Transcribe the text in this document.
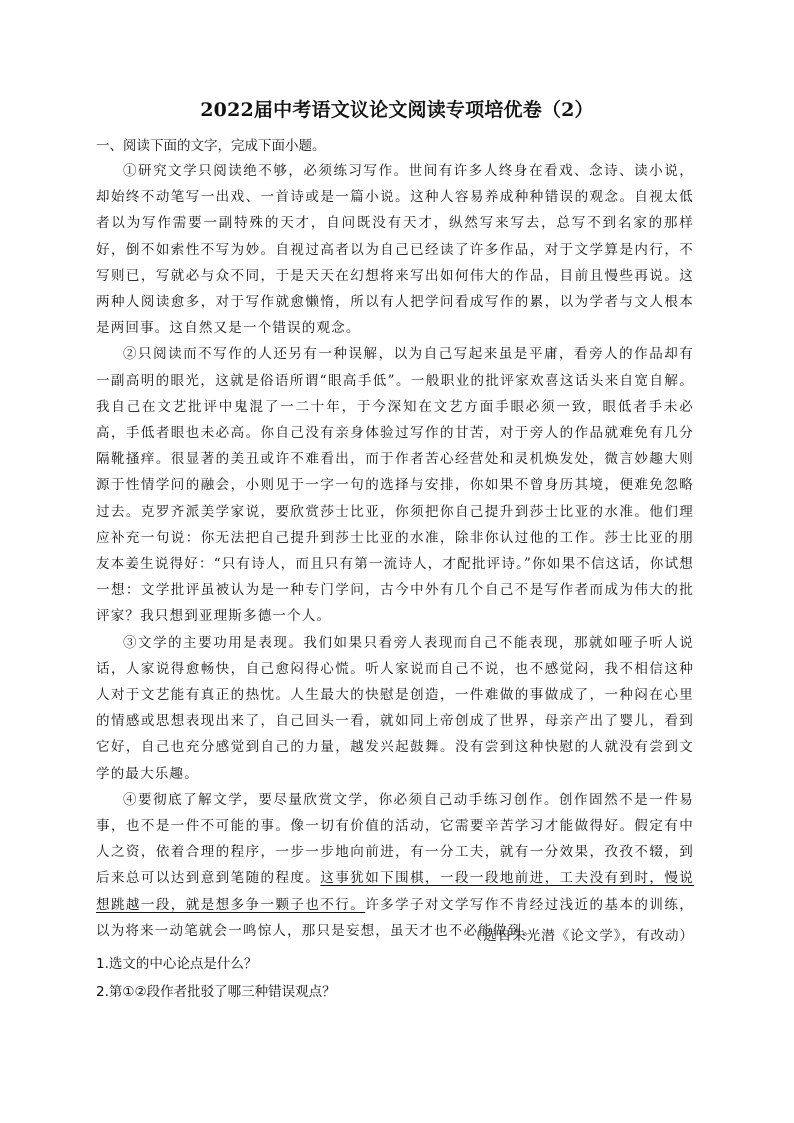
2022届中考语文议论文阅读专项培优卷（2）
一、阅读下面的文字，完成下面小题。

①研究文学只阅读绝不够，必须练习写作。世间有许多人终身在看戏、念诗、读小说，却始终不动笔写一出戏、一首诗或是一篇小说。这种人容易养成种种错误的观念。自视太低者以为写作需要一副特殊的天才，自问既没有天才，纵然写来写去，总写不到名家的那样好，倒不如索性不写为妙。自视过高者以为自己已经读了许多作品，对于文学算是内行，不写则已，写就必与众不同，于是天天在幻想将来写出如何伟大的作品，目前且慢些再说。这两种人阅读愈多，对于写作就愈懒惰，所以有人把学问看成写作的累，以为学者与文人根本是两回事。这自然又是一个错误的观念。

②只阅读而不写作的人还另有一种误解，以为自己写起来虽是平庸，看旁人的作品却有一副高明的眼光，这就是俗语所谓“眼高手低”。一般职业的批评家欢喜这话头来自宽自解。我自己在文艺批评中鬼混了一二十年，于今深知在文艺方面手眼必须一致，眼低者手未必高，手低者眼也未必高。你自己没有亲身体验过写作的甘苦，对于旁人的作品就难免有几分隔靴搔痒。很显著的美丑或许不难看出，而于作者苦心经营处和灵机焕发处，微言妙趣大则源于性情学问的融会，小则见于一字一句的选择与安排，你如果不曾身历其境，便难免忽略过去。克罗齐派美学家说，要欣赏莎士比亚，你须把你自己提升到莎士比亚的水准。他们理应补充一句说：你无法把自己提升到莎士比亚的水准，除非你认过他的工作。莎士比亚的朋友本姜生说得好：“只有诗人，而且只有第一流诗人，才配批评诗。”你如果不信这话，你试想一想：文学批评虽被认为是一种专门学问，古今中外有几个自己不是写作者而成为伟大的批评家？我只想到亚理斯多德一个人。

③文学的主要功用是表现。我们如果只看旁人表现而自己不能表现，那就如哑子听人说话，人家说得愈畅快，自己愈闷得心慌。听人家说而自己不说，也不感觉闷，我不相信这种人对于文艺能有真正的热忱。人生最大的快慰是创造，一件难做的事做成了，一种闷在心里的情感或思想表现出来了，自己回头一看，就如同上帝创成了世界，母亲产出了婴儿，看到它好，自己也充分感觉到自己的力量，越发兴起鼓舞。没有尝到这种快慰的人就没有尝到文学的最大乐趣。

④要彻底了解文学，要尽量欣赏文学，你必须自己动手练习创作。创作固然不是一件易事，也不是一件不可能的事。像一切有价值的活动，它需要辛苦学习才能做得好。假定有中人之资，依着合理的程序，一步一步地向前进，有一分工夫，就有一分效果，孜孜不辍，到后来总可以达到意到笔随的程度。这事犹如下围棋，一段一段地前进，工夫没有到时，慢说想跳越一段，就是想多争一颗子也不行。许多学子对文学写作不肯经过浅近的基本的训练，以为将来一动笔就会一鸣惊人，那只是妄想，虽天才也不必能做到。

（选自朱光潜《论文学》，有改动）
1.选文的中心论点是什么？
2.第①②段作者批驳了哪三种错误观点？
